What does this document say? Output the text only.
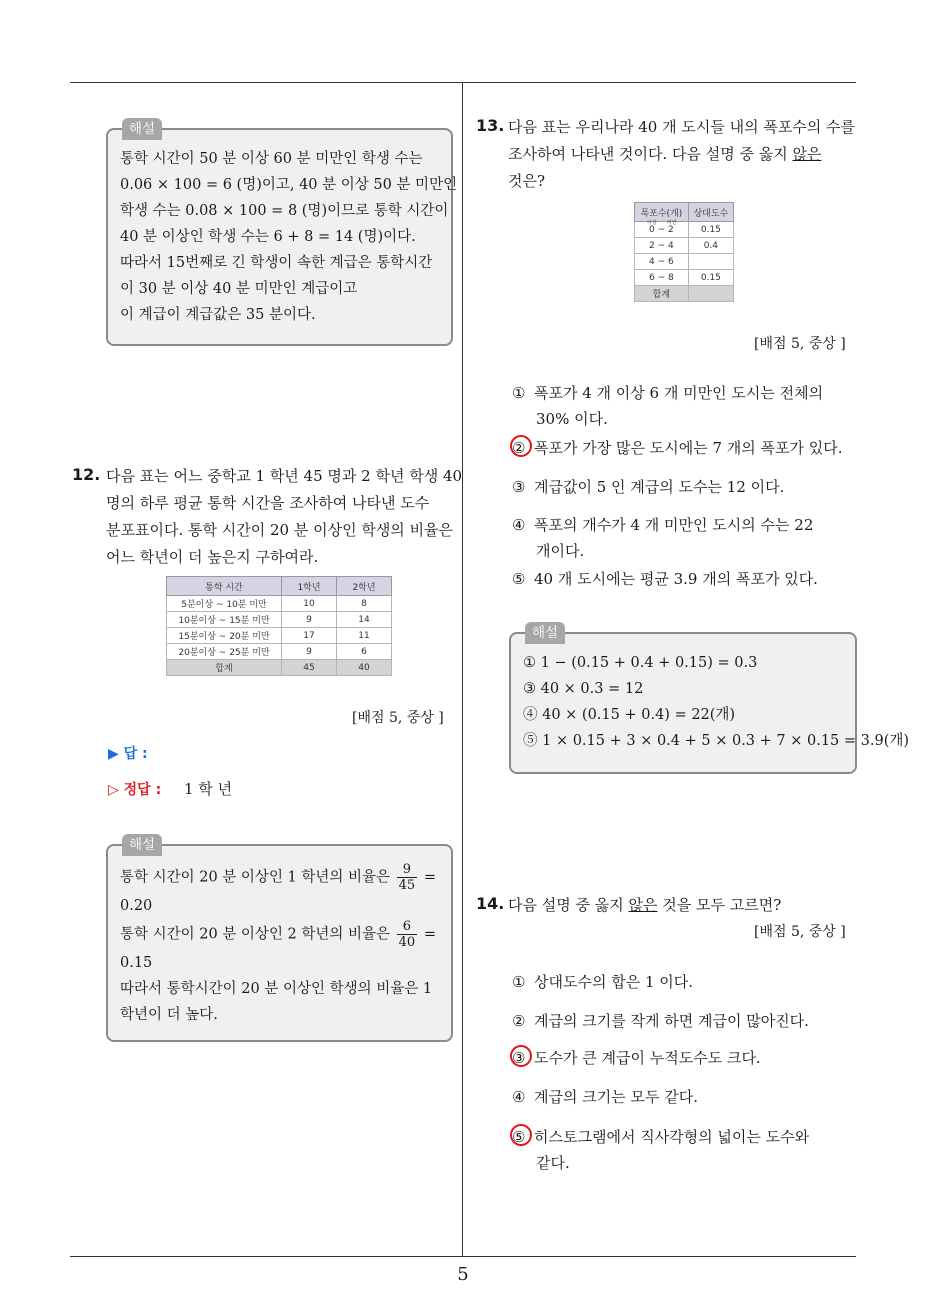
해설
통학 시간이 50 분 이상 60 분 미만인 학생 수는
0.06 × 100 = 6 (명)이고, 40 분 이상 50 분 미만인
학생 수는 0.08 × 100 = 8 (명)이므로 통학 시간이
40 분 이상인 학생 수는 6 + 8 = 14 (명)이다.
따라서 15번째로 긴 학생이 속한 계급은 통학시간
이 30 분 이상 40 분 미만인 계급이고
이 계급이 계급값은 35 분이다.
12. 다음 표는 어느 중학교 1 학년 45 명과 2 학년 학생 40
명의 하루 평균 통학 시간을 조사하여 나타낸 도수
분포표이다. 통학 시간이 20 분 이상인 학생의 비율은
어느 학년이 더 높은지 구하여라.
통학 시간	1학년	2학년
5분이상 ~ 10분 미만	10	8
10분이상 ~ 15분 미만	9	14
15분이상 ~ 20분 미만	17	11
20분이상 ~ 25분 미만	9	6
합계	45	40
[배점 5, 중상 ]
▶ 답 :
▷ 정답 : 1 학 년
해설
통학 시간이 20 분 이상인 1 학년의 비율은 $\frac{9}{45}$ =
0.20
통학 시간이 20 분 이상인 2 학년의 비율은 $\frac{6}{40}$ =
0.15
따라서 통학시간이 20 분 이상인 학생의 비율은 1
학년이 더 높다.
13. 다음 표는 우리나라 40 개 도시들 내의 폭포수의 수를
조사하여 나타낸 것이다. 다음 설명 중 옳지 않은
것은?
폭포수(개)	상대도수

이상 미만
0 ~ 2	0.15
2 ~ 4	0.4
4 ~ 6	
6 ~ 8	0.15
합계	
[배점 5, 중상 ]
① 폭포가 4 개 이상 6 개 미만인 도시는 전체의
30% 이다.
② 폭포가 가장 많은 도시에는 7 개의 폭포가 있다.
③ 계급값이 5 인 계급의 도수는 12 이다.
④ 폭포의 개수가 4 개 미만인 도시의 수는 22
개이다.
⑤ 40 개 도시에는 평균 3.9 개의 폭포가 있다.
해설
① 1 − (0.15 + 0.4 + 0.15) = 0.3
③ 40 × 0.3 = 12
④ 40 × (0.15 + 0.4) = 22(개)
⑤ 1 × 0.15 + 3 × 0.4 + 5 × 0.3 + 7 × 0.15 = 3.9(개)
14. 다음 설명 중 옳지 않은 것을 모두 고르면?
[배점 5, 중상 ]
① 상대도수의 합은 1 이다.
② 계급의 크기를 작게 하면 계급이 많아진다.
③ 도수가 큰 계급이 누적도수도 크다.
④ 계급의 크기는 모두 같다.
⑤ 히스토그램에서 직사각형의 넓이는 도수와
같다.
5
